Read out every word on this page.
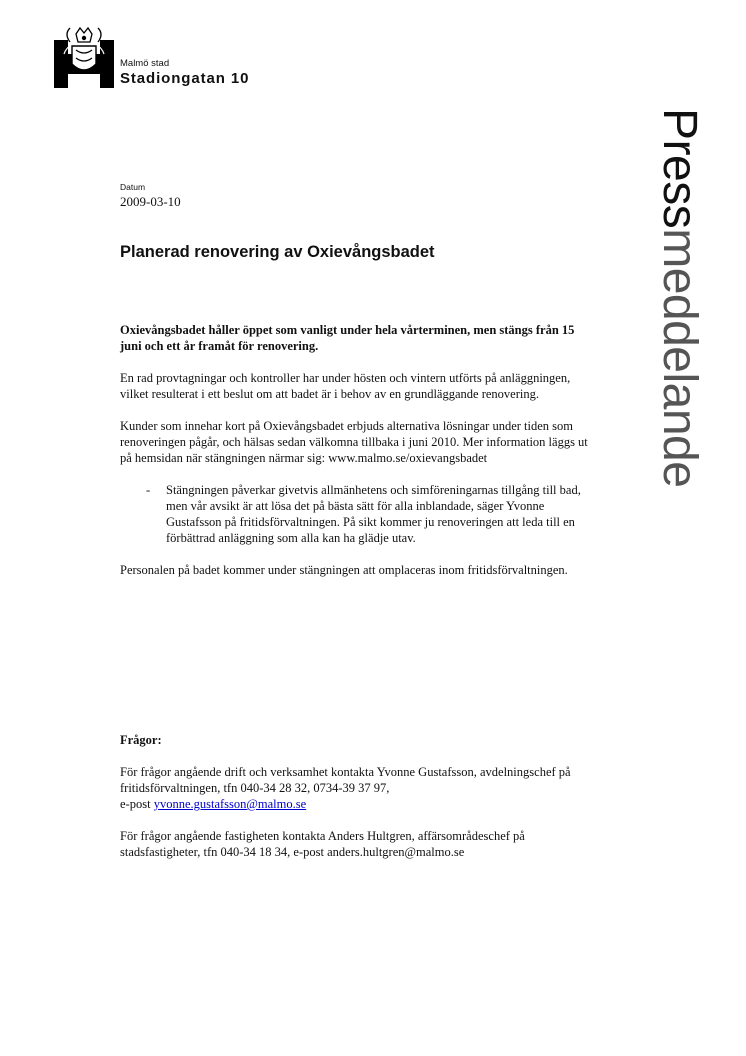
Malmö stad
Stadiongatan 10
Pressmeddelande
Datum
2009-03-10
Planerad renovering av Oxievångsbadet

Oxievångsbadet håller öppet som vanligt under hela vårterminen, men stängs från 15 juni och ett år framåt för renovering.

En rad provtagningar och kontroller har under hösten och vintern utförts på anläggningen, vilket resulterat i ett beslut om att badet är i behov av en grundläggande renovering.

Kunder som innehar kort på Oxievångsbadet erbjuds alternativa lösningar under tiden som renoveringen pågår, och hälsas sedan välkomna tillbaka i juni 2010. Mer information läggs ut på hemsidan när stängningen närmar sig: www.malmo.se/oxievangsbadet

- Stängningen påverkar givetvis allmänhetens och simföreningarnas tillgång till bad, men vår avsikt är att lösa det på bästa sätt för alla inblandade, säger Yvonne Gustafsson på fritidsförvaltningen. På sikt kommer ju renoveringen att leda till en förbättrad anläggning som alla kan ha glädje utav.

Personalen på badet kommer under stängningen att omplaceras inom fritidsförvaltningen.

Frågor:

För frågor angående drift och verksamhet kontakta Yvonne Gustafsson, avdelningschef på fritidsförvaltningen, tfn 040-34 28 32, 0734-39 37 97,
e-post yvonne.gustafsson@malmo.se

För frågor angående fastigheten kontakta Anders Hultgren, affärsområdeschef på stadsfastigheter, tfn 040-34 18 34, e-post anders.hultgren@malmo.se
